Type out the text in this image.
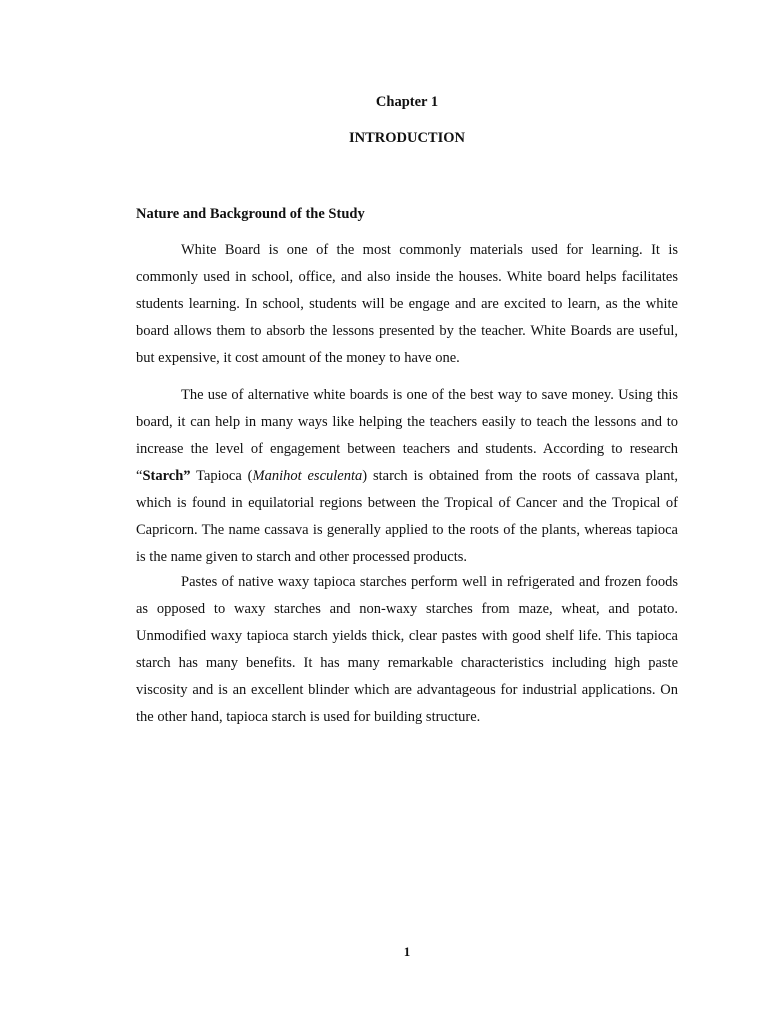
Chapter 1
INTRODUCTION
Nature and Background of the Study

White Board is one of the most commonly materials used for learning. It is commonly used in school, office, and also inside the houses. White board helps facilitates students learning. In school, students will be engage and are excited to learn, as the white board allows them to absorb the lessons presented by the teacher. White Boards are useful, but expensive, it cost amount of the money to have one.

The use of alternative white boards is one of the best way to save money. Using this board, it can help in many ways like helping the teachers easily to teach the lessons and to increase the level of engagement between teachers and students. According to research “Starch” Tapioca (Manihot esculenta) starch is obtained from the roots of cassava plant, which is found in equilatorial regions between the Tropical of Cancer and the Tropical of Capricorn. The name cassava is generally applied to the roots of the plants, whereas tapioca is the name given to starch and other processed products.

Pastes of native waxy tapioca starches perform well in refrigerated and frozen foods as opposed to waxy starches and non-waxy starches from maze, wheat, and potato. Unmodified waxy tapioca starch yields thick, clear pastes with good shelf life. This tapioca starch has many benefits. It has many remarkable characteristics including high paste viscosity and is an excellent blinder which are advantageous for industrial applications. On the other hand, tapioca starch is used for building structure.

1
